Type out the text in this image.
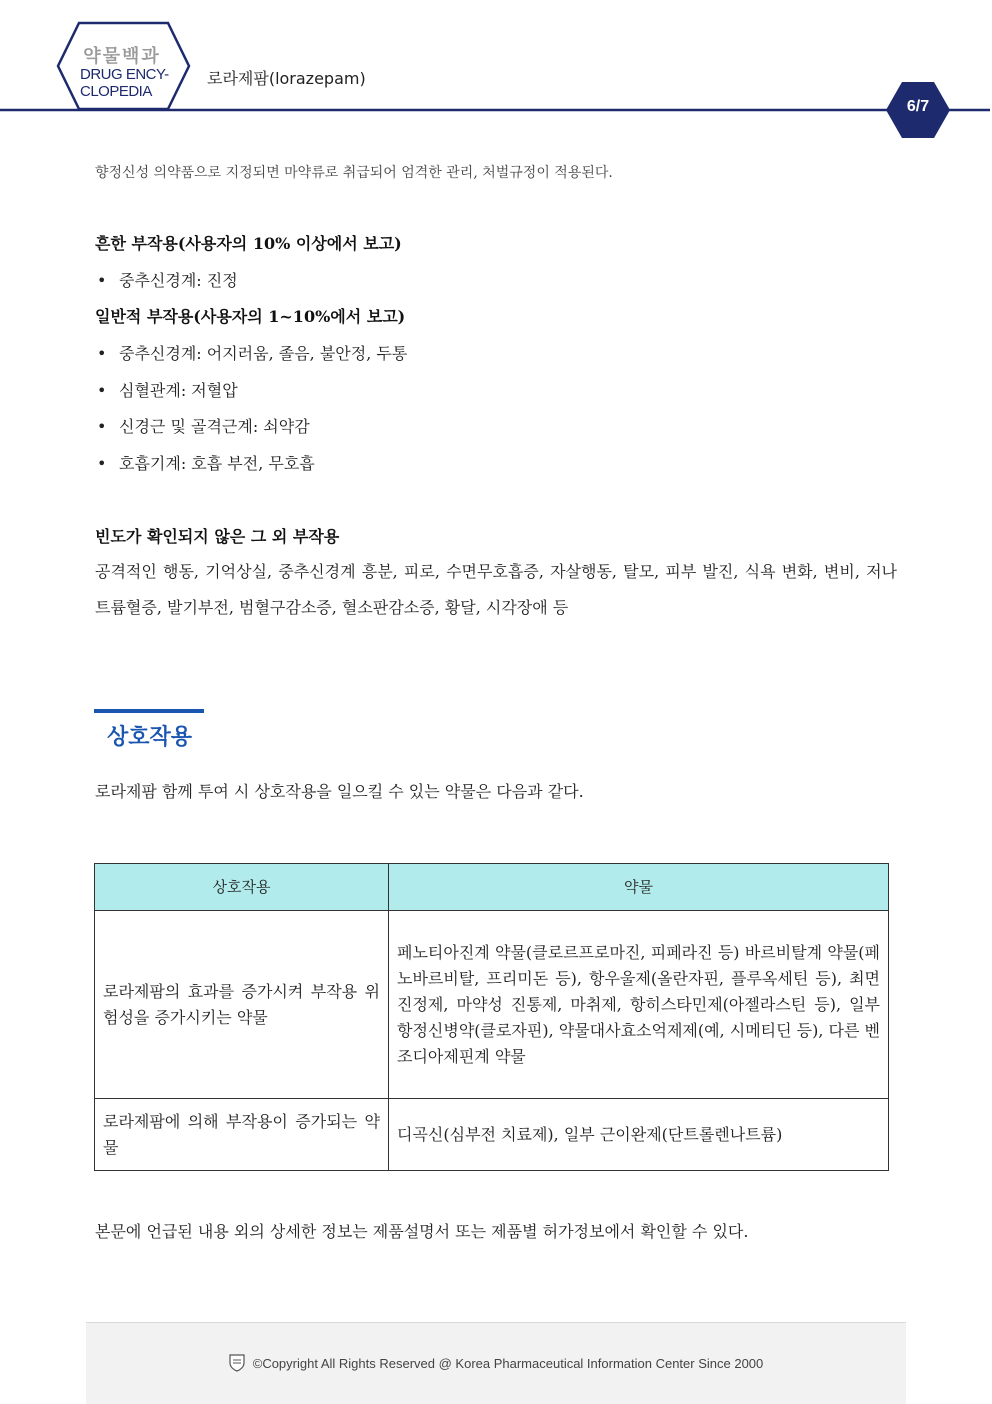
약물백과
DRUG ENCY-
CLOPEDIA
로라제팜(lorazepam)
6/7
향정신성 의약품으로 지정되면 마약류로 취급되어 엄격한 관리, 처벌규정이 적용된다.
흔한 부작용(사용자의 10% 이상에서 보고)
• 중추신경계: 진정
일반적 부작용(사용자의 1~10%에서 보고)
• 중추신경계: 어지러움, 졸음, 불안정, 두통
• 심혈관계: 저혈압
• 신경근 및 골격근계: 쇠약감
• 호흡기계: 호흡 부전, 무호흡
빈도가 확인되지 않은 그 외 부작용
공격적인 행동, 기억상실, 중추신경계 흥분, 피로, 수면무호흡증, 자살행동, 탈모, 피부 발진, 식욕 변화, 변비, 저나트륨혈증, 발기부전, 범혈구감소증, 혈소판감소증, 황달, 시각장애 등
상호작용
로라제팜 함께 투여 시 상호작용을 일으킬 수 있는 약물은 다음과 같다.
상호작용	약물
로라제팜의 효과를 증가시켜 부작용 위험성을 증가시키는 약물	페노티아진계 약물(클로르프로마진, 피페라진 등) 바르비탈계 약물(페노바르비탈, 프리미돈 등), 항우울제(올란자핀, 플루옥세틴 등), 최면진정제, 마약성 진통제, 마취제, 항히스타민제(아젤라스틴 등), 일부 항정신병약(클로자핀), 약물대사효소억제제(예, 시메티딘 등), 다른 벤조디아제핀계 약물
로라제팜에 의해 부작용이 증가되는 약물	디곡신(심부전 치료제), 일부 근이완제(단트롤렌나트륨)
본문에 언급된 내용 외의 상세한 정보는 제품설명서 또는 제품별 허가정보에서 확인할 수 있다.
©Copyright All Rights Reserved @ Korea Pharmaceutical Information Center Since 2000
